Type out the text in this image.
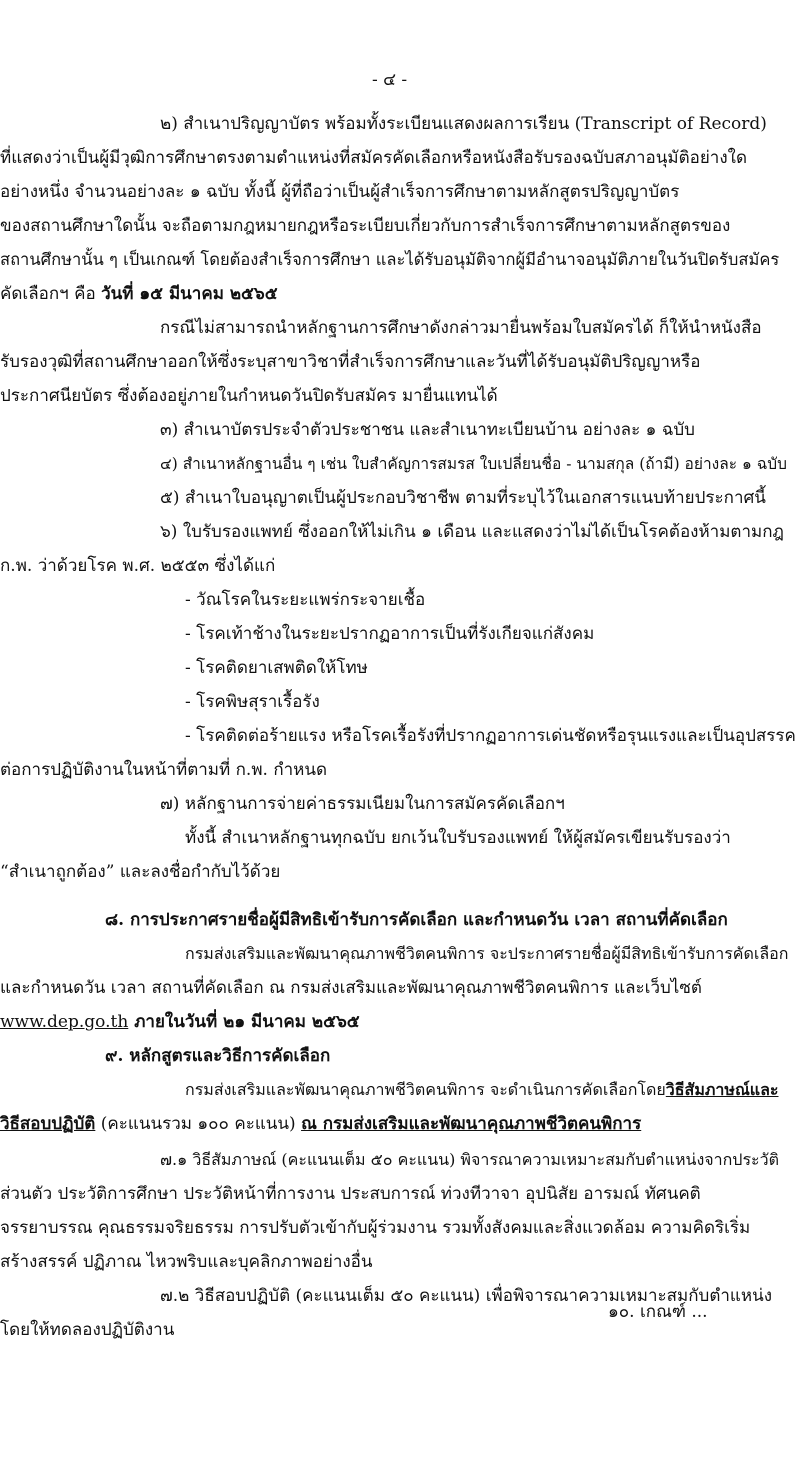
- ๔ -
๒) สำเนาปริญญาบัตร พร้อมทั้งระเบียนแสดงผลการเรียน (Transcript of Record)
ที่แสดงว่าเป็นผู้มีวุฒิการศึกษาตรงตามตำแหน่งที่สมัครคัดเลือกหรือหนังสือรับรองฉบับสภาอนุมัติอย่างใด
อย่างหนึ่ง จำนวนอย่างละ ๑ ฉบับ ทั้งนี้ ผู้ที่ถือว่าเป็นผู้สำเร็จการศึกษาตามหลักสูตรปริญญาบัตร
ของสถานศึกษาใดนั้น จะถือตามกฎหมายกฎหรือระเบียบเกี่ยวกับการสำเร็จการศึกษาตามหลักสูตรของ
สถานศึกษานั้น ๆ เป็นเกณฑ์ โดยต้องสำเร็จการศึกษา และได้รับอนุมัติจากผู้มีอำนาจอนุมัติภายในวันปิดรับสมัคร
คัดเลือกฯ คือ วันที่ ๑๕ มีนาคม ๒๕๖๕
กรณีไม่สามารถนำหลักฐานการศึกษาดังกล่าวมายื่นพร้อมใบสมัครได้ ก็ให้นำหนังสือ
รับรองวุฒิที่สถานศึกษาออกให้ซึ่งระบุสาขาวิชาที่สำเร็จการศึกษาและวันที่ได้รับอนุมัติปริญญาหรือ
ประกาศนียบัตร ซึ่งต้องอยู่ภายในกำหนดวันปิดรับสมัคร มายื่นแทนได้
๓) สำเนาบัตรประจำตัวประชาชน และสำเนาทะเบียนบ้าน อย่างละ ๑ ฉบับ
๔) สำเนาหลักฐานอื่น ๆ เช่น ใบสำคัญการสมรส ใบเปลี่ยนชื่อ - นามสกุล (ถ้ามี) อย่างละ ๑ ฉบับ
๕) สำเนาใบอนุญาตเป็นผู้ประกอบวิชาชีพ ตามที่ระบุไว้ในเอกสารแนบท้ายประกาศนี้
๖) ใบรับรองแพทย์ ซึ่งออกให้ไม่เกิน ๑ เดือน และแสดงว่าไม่ได้เป็นโรคต้องห้ามตามกฎ
ก.พ. ว่าด้วยโรค พ.ศ. ๒๕๕๓ ซึ่งได้แก่
- วัณโรคในระยะแพร่กระจายเชื้อ
- โรคเท้าช้างในระยะปรากฏอาการเป็นที่รังเกียจแก่สังคม
- โรคติดยาเสพติดให้โทษ
- โรคพิษสุราเรื้อรัง
- โรคติดต่อร้ายแรง หรือโรคเรื้อรังที่ปรากฏอาการเด่นชัดหรือรุนแรงและเป็นอุปสรรค
ต่อการปฏิบัติงานในหน้าที่ตามที่ ก.พ. กำหนด
๗) หลักฐานการจ่ายค่าธรรมเนียมในการสมัครคัดเลือกฯ
ทั้งนี้ สำเนาหลักฐานทุกฉบับ ยกเว้นใบรับรองแพทย์ ให้ผู้สมัครเขียนรับรองว่า
“สำเนาถูกต้อง” และลงชื่อกำกับไว้ด้วย
๘. การประกาศรายชื่อผู้มีสิทธิเข้ารับการคัดเลือก และกำหนดวัน เวลา สถานที่คัดเลือก
กรมส่งเสริมและพัฒนาคุณภาพชีวิตคนพิการ จะประกาศรายชื่อผู้มีสิทธิเข้ารับการคัดเลือก
และกำหนดวัน เวลา สถานที่คัดเลือก ณ กรมส่งเสริมและพัฒนาคุณภาพชีวิตคนพิการ และเว็บไซต์
www.dep.go.th ภายในวันที่ ๒๑ มีนาคม ๒๕๖๕
๙. หลักสูตรและวิธีการคัดเลือก
กรมส่งเสริมและพัฒนาคุณภาพชีวิตคนพิการ จะดำเนินการคัดเลือกโดยวิธีสัมภาษณ์และ
วิธีสอบปฏิบัติ (คะแนนรวม ๑๐๐ คะแนน) ณ กรมส่งเสริมและพัฒนาคุณภาพชีวิตคนพิการ
๗.๑ วิธีสัมภาษณ์ (คะแนนเต็ม ๕๐ คะแนน) พิจารณาความเหมาะสมกับตำแหน่งจากประวัติ
ส่วนตัว ประวัติการศึกษา ประวัติหน้าที่การงาน ประสบการณ์ ท่วงทีวาจา อุปนิสัย อารมณ์ ทัศนคติ
จรรยาบรรณ คุณธรรมจริยธรรม การปรับตัวเข้ากับผู้ร่วมงาน รวมทั้งสังคมและสิ่งแวดล้อม ความคิดริเริ่ม
สร้างสรรค์ ปฏิภาณ ไหวพริบและบุคลิกภาพอย่างอื่น
๗.๒ วิธีสอบปฏิบัติ (คะแนนเต็ม ๕๐ คะแนน) เพื่อพิจารณาความเหมาะสมกับตำแหน่ง
โดยให้ทดลองปฏิบัติงาน
๑๐. เกณฑ์ ...
